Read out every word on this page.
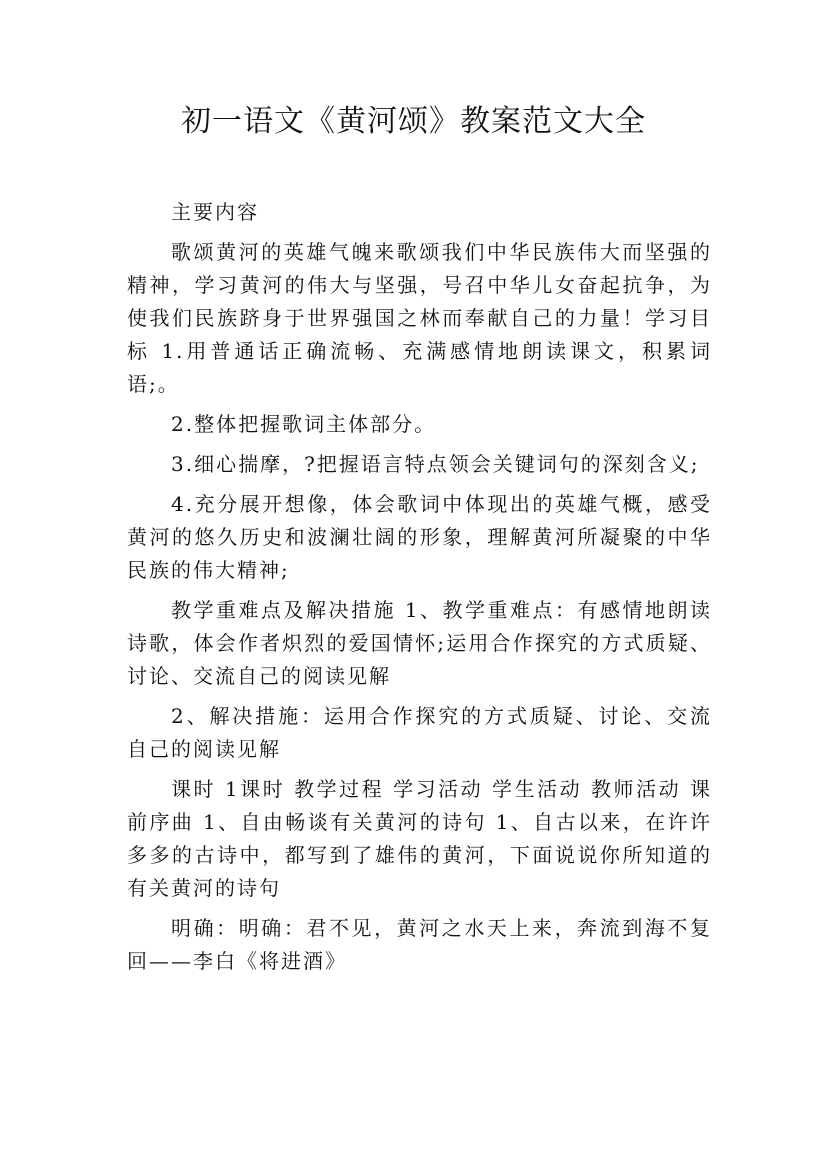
初一语文《黄河颂》教案范文大全

主要内容

歌颂黄河的英雄气魄来歌颂我们中华民族伟大而坚强的精神，学习黄河的伟大与坚强，号召中华儿女奋起抗争，为使我们民族跻身于世界强国之林而奉献自己的力量！学习目标 1.用普通话正确流畅、充满感情地朗读课文，积累词语;。

2.整体把握歌词主体部分。

3.细心揣摩，?把握语言特点领会关键词句的深刻含义;

4.充分展开想像，体会歌词中体现出的英雄气概，感受黄河的悠久历史和波澜壮阔的形象，理解黄河所凝聚的中华民族的伟大精神;

教学重难点及解决措施 1、教学重难点：有感情地朗读诗歌，体会作者炽烈的爱国情怀;运用合作探究的方式质疑、讨论、交流自己的阅读见解

2、解决措施：运用合作探究的方式质疑、讨论、交流自己的阅读见解

课时 1课时 教学过程 学习活动 学生活动 教师活动 课前序曲 1、自由畅谈有关黄河的诗句 1、自古以来，在许许多多的古诗中，都写到了雄伟的黄河，下面说说你所知道的有关黄河的诗句

明确：明确：君不见，黄河之水天上来，奔流到海不复回——李白《将进酒》
